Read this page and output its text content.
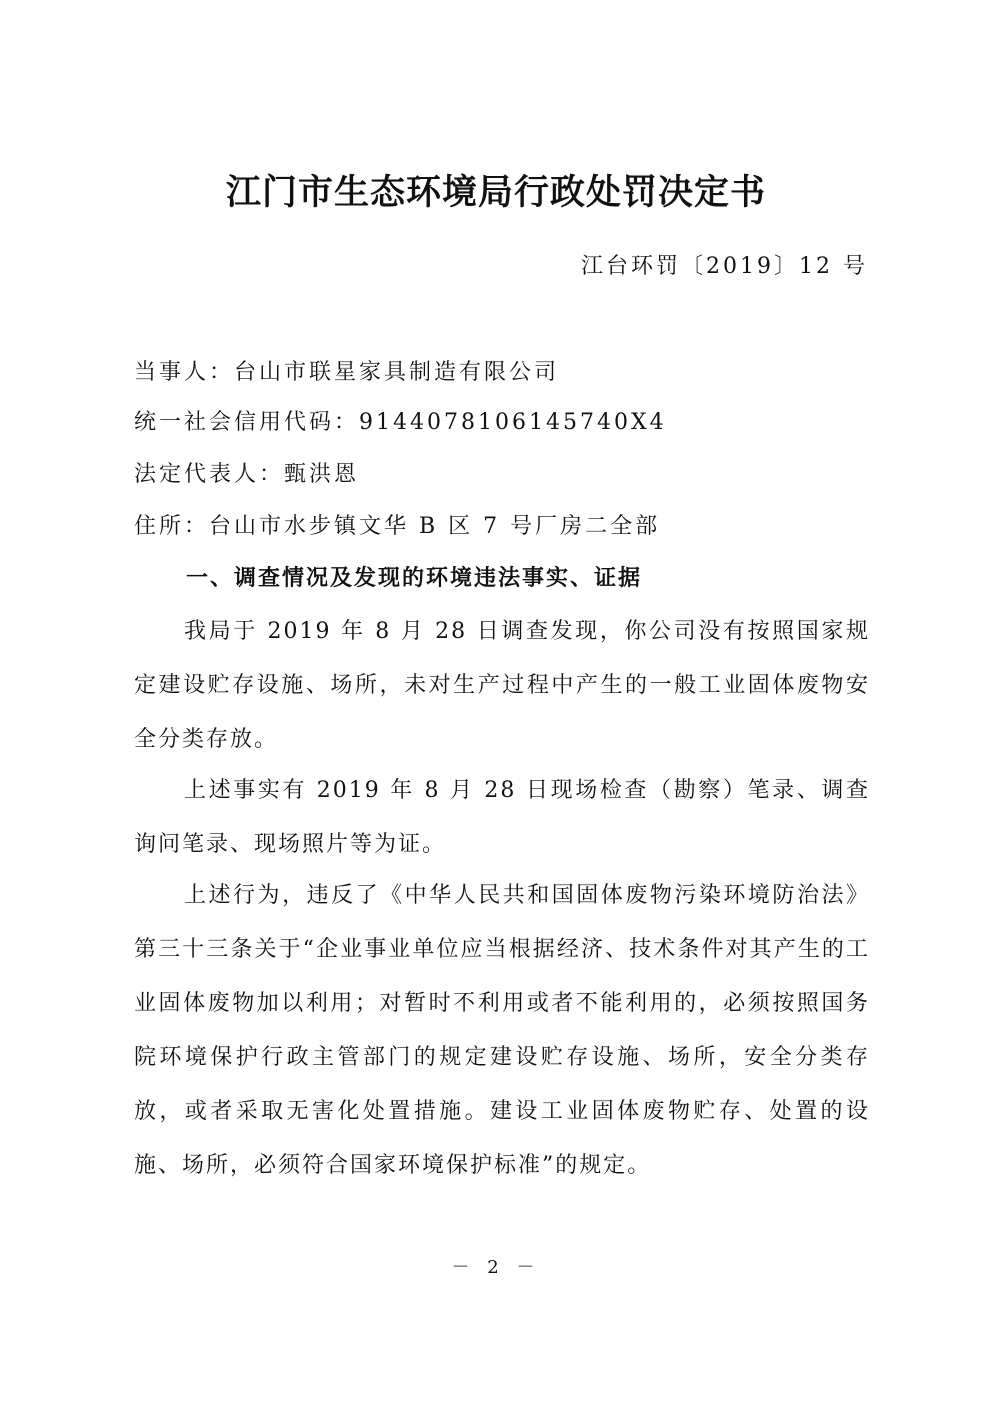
江门市生态环境局行政处罚决定书
江台环罚〔2019〕12 号
当事人：台山市联星家具制造有限公司
统一社会信用代码：9144078106145740X4
法定代表人：甄洪恩
住所：台山市水步镇文华 B 区 7 号厂房二全部
一、调查情况及发现的环境违法事实、证据
我局于 2019 年 8 月 28 日调查发现，你公司没有按照国家规定建设贮存设施、场所，未对生产过程中产生的一般工业固体废物安全分类存放。
上述事实有 2019 年 8 月 28 日现场检查（勘察）笔录、调查询问笔录、现场照片等为证。
上述行为，违反了《中华人民共和国固体废物污染环境防治法》第三十三条关于“企业事业单位应当根据经济、技术条件对其产生的工业固体废物加以利用；对暂时不利用或者不能利用的，必须按照国务院环境保护行政主管部门的规定建设贮存设施、场所，安全分类存放，或者采取无害化处置措施。建设工业固体废物贮存、处置的设施、场所，必须符合国家环境保护标准”的规定。
－ 2 －
